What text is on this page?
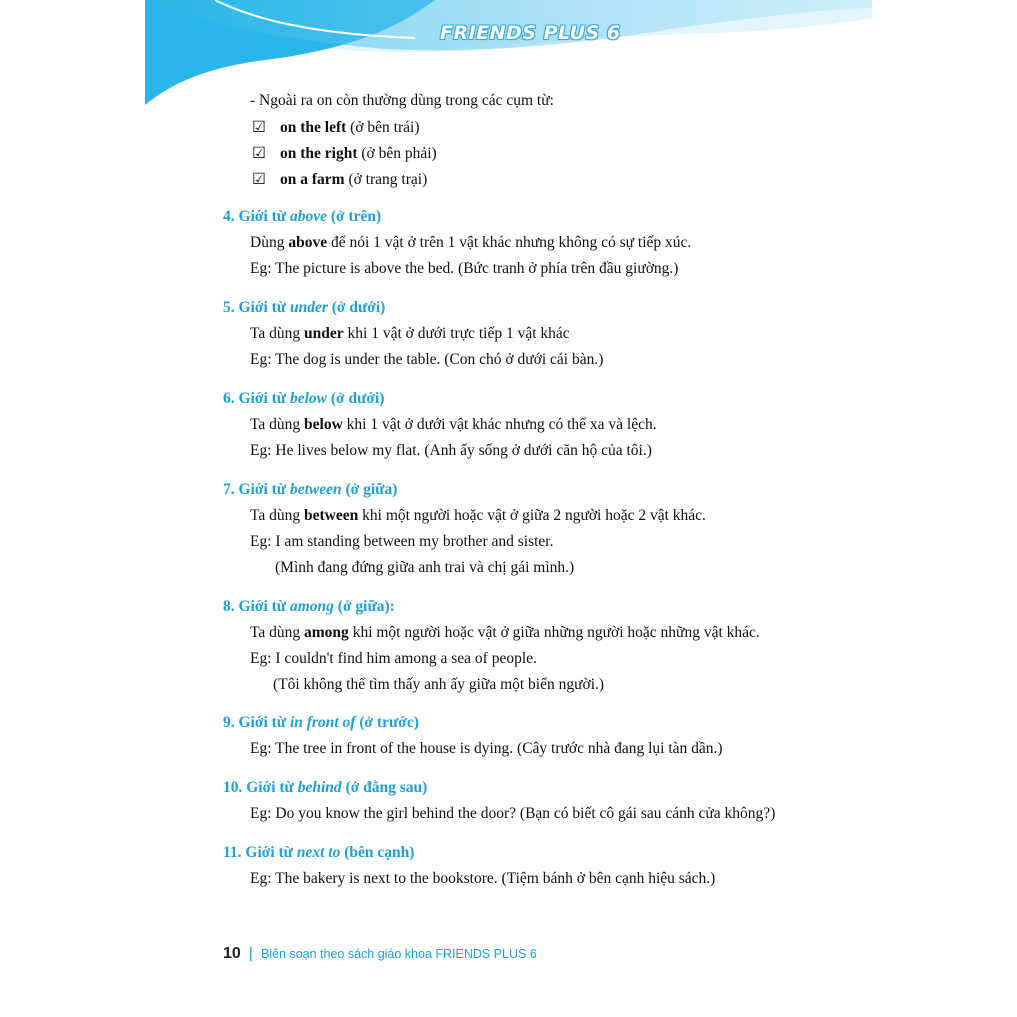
FRIENDS PLUS 6
- Ngoài ra on còn thường dùng trong các cụm từ:
☑ on the left (ở bên trái)
☑ on the right (ở bên phải)
☑ on a farm (ở trang trại)
4. Giới từ above (ở trên)
Dùng above để nói 1 vật ở trên 1 vật khác nhưng không có sự tiếp xúc.
Eg: The picture is above the bed. (Bức tranh ở phía trên đầu giường.)
5. Giới từ under (ở dưới)
Ta dùng under khi 1 vật ở dưới trực tiếp 1 vật khác
Eg: The dog is under the table. (Con chó ở dưới cái bàn.)
6. Giới từ below (ở dưới)
Ta dùng below khi 1 vật ở dưới vật khác nhưng có thể xa và lệch.
Eg: He lives below my flat. (Anh ấy sống ở dưới căn hộ của tôi.)
7. Giới từ between (ở giữa)
Ta dùng between khi một người hoặc vật ở giữa 2 người hoặc 2 vật khác.
Eg: I am standing between my brother and sister.
(Mình đang đứng giữa anh trai và chị gái mình.)
8. Giới từ among (ở giữa):
Ta dùng among khi một người hoặc vật ở giữa những người hoặc những vật khác.
Eg: I couldn't find him among a sea of people.
(Tôi không thể tìm thấy anh ấy giữa một biển người.)
9. Giới từ in front of (ở trước)
Eg: The tree in front of the house is dying. (Cây trước nhà đang lụi tàn dần.)
10. Giới từ behind (ở đằng sau)
Eg: Do you know the girl behind the door? (Bạn có biết cô gái sau cánh cửa không?)
11. Giới từ next to (bên cạnh)
Eg: The bakery is next to the bookstore. (Tiệm bánh ở bên cạnh hiệu sách.)
10 | Biên soạn theo sách giáo khoa FRIENDS PLUS 6
